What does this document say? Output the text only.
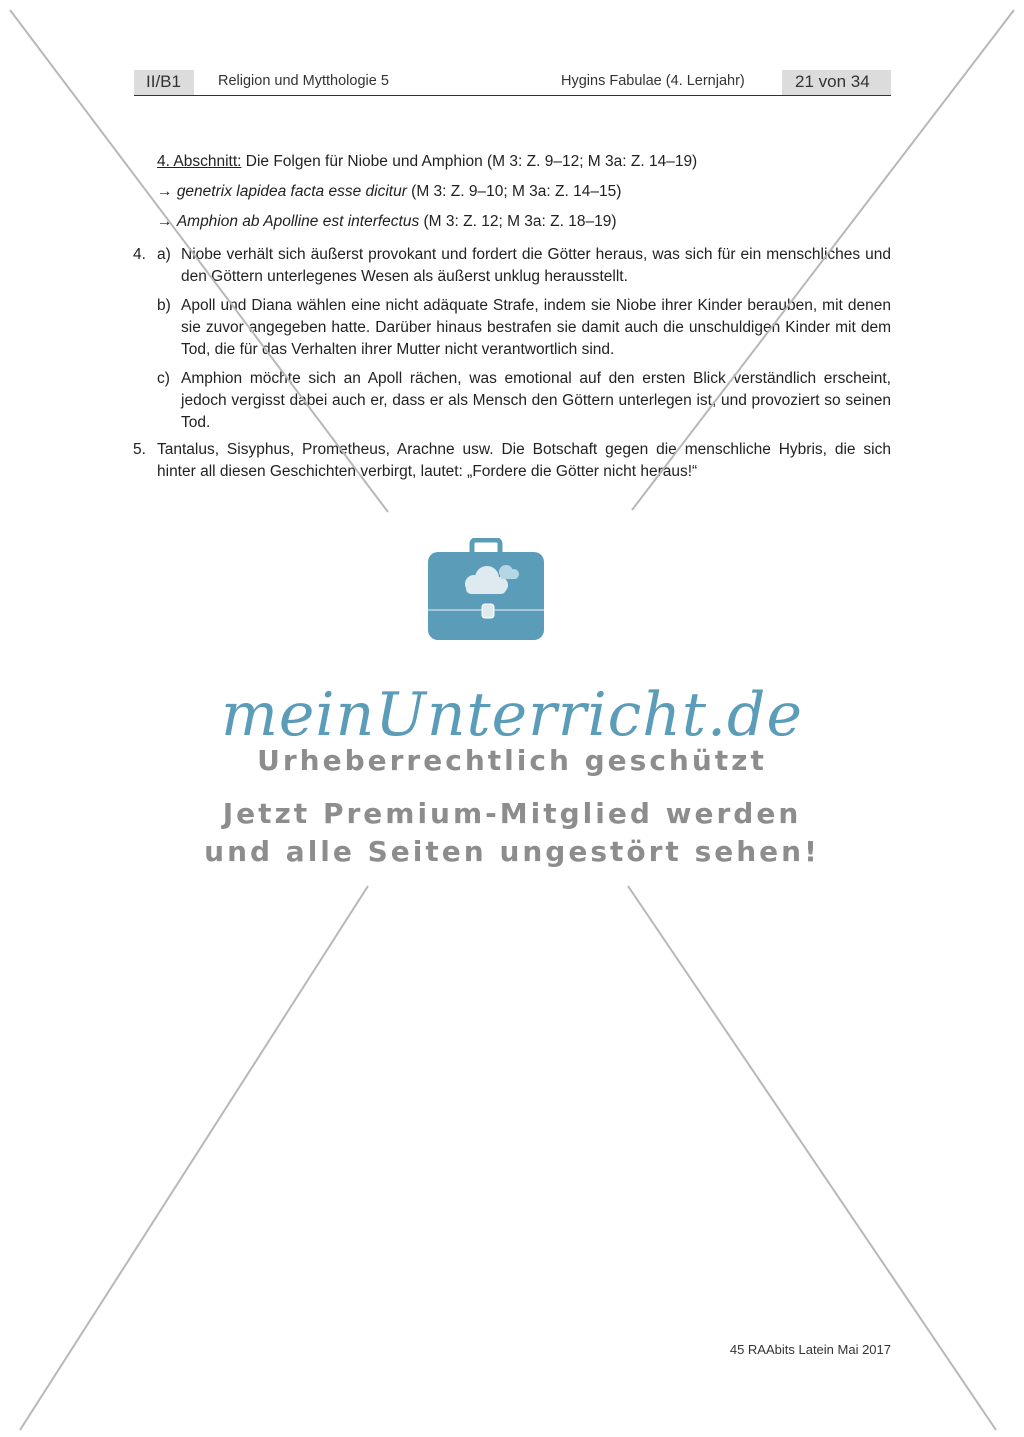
II/B1	Religion und Mytthologie 5	Hygins Fabulae (4. Lernjahr)	21 von 34
4. Abschnitt: Die Folgen für Niobe und Amphion (M 3: Z. 9–12; M 3a: Z. 14–19)
→ genetrix lapidea facta esse dicitur (M 3: Z. 9–10; M 3a: Z. 14–15)
→ Amphion ab Apolline est interfectus (M 3: Z. 12; M 3a: Z. 18–19)
4. a) Niobe verhält sich äußerst provokant und fordert die Götter heraus, was sich für ein menschliches und den Göttern unterlegenes Wesen als äußerst unklug herausstellt.
b) Apoll und Diana wählen eine nicht adäquate Strafe, indem sie Niobe ihrer Kinder berauben, mit denen sie zuvor angegeben hatte. Darüber hinaus bestrafen sie damit auch die unschuldigen Kinder mit dem Tod, die für das Verhalten ihrer Mutter nicht verantwortlich sind.
c) Amphion möchte sich an Apoll rächen, was emotional auf den ersten Blick verständlich erscheint, jedoch vergisst dabei auch er, dass er als Mensch den Göttern unterlegen ist, und provoziert so seinen Tod.
5. Tantalus, Sisyphus, Prometheus, Arachne usw. Die Botschaft gegen die menschliche Hybris, die sich hinter all diesen Geschichten verbirgt, lautet: „Fordere die Götter nicht heraus!“
meinUnterricht.de
Urheberrechtlich geschützt
Jetzt Premium-Mitglied werden
und alle Seiten ungestört sehen!
45 RAAbits Latein Mai 2017
